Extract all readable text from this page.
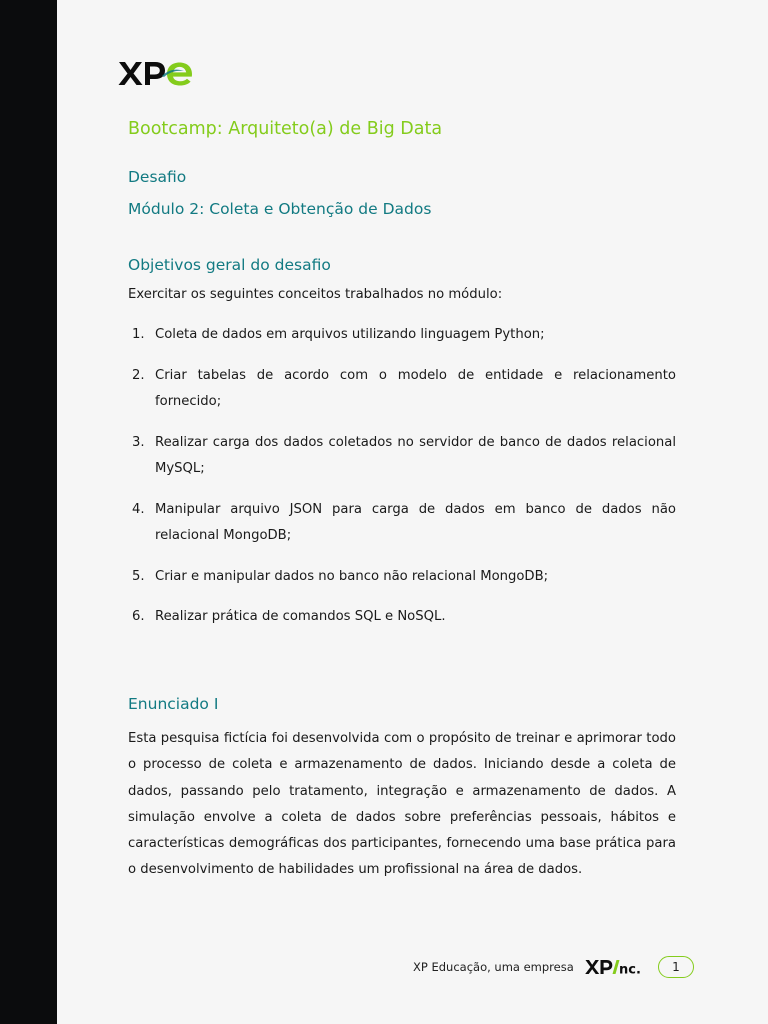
Bootcamp: Arquiteto(a) de Big Data
Desafio
Módulo 2: Coleta e Obtenção de Dados
Objetivos geral do desafio
Exercitar os seguintes conceitos trabalhados no módulo:
1. Coleta de dados em arquivos utilizando linguagem Python;
2. Criar tabelas de acordo com o modelo de entidade e relacionamento fornecido;
3. Realizar carga dos dados coletados no servidor de banco de dados relacional MySQL;
4. Manipular arquivo JSON para carga de dados em banco de dados não relacional MongoDB;
5. Criar e manipular dados no banco não relacional MongoDB;
6. Realizar prática de comandos SQL e NoSQL.
Enunciado I

Esta pesquisa fictícia foi desenvolvida com o propósito de treinar e aprimorar todo o processo de coleta e armazenamento de dados. Iniciando desde a coleta de dados, passando pelo tratamento, integração e armazenamento de dados. A simulação envolve a coleta de dados sobre preferências pessoais, hábitos e características demográficas dos participantes, fornecendo uma base prática para o desenvolvimento de habilidades um profissional na área de dados.

XP Educação, uma empresa	nc.	1
